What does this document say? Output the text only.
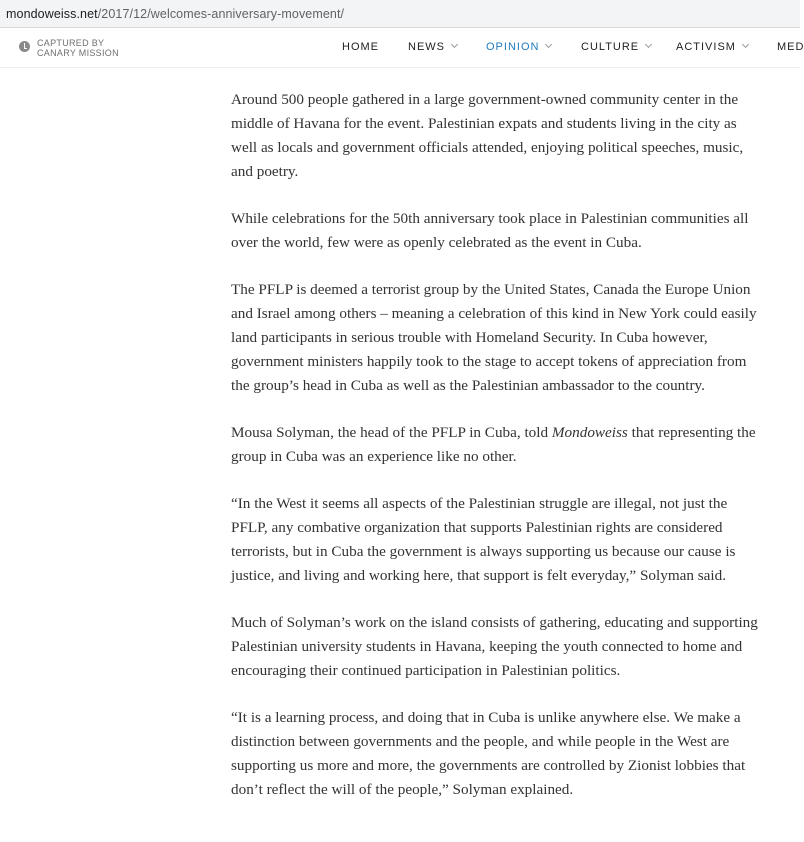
mondoweiss.net/2017/12/welcomes-anniversary-movement/
CAPTURED BY
CANARY MISSION	HOME	NEWS	OPINION	CULTURE	ACTIVISM	MED

Around 500 people gathered in a large government-owned community center in the middle of Havana for the event. Palestinian expats and students living in the city as well as locals and government officials attended, enjoying political speeches, music, and poetry.

While celebrations for the 50th anniversary took place in Palestinian communities all over the world, few were as openly celebrated as the event in Cuba.

The PFLP is deemed a terrorist group by the United States, Canada the Europe Union and Israel among others – meaning a celebration of this kind in New York could easily land participants in serious trouble with Homeland Security. In Cuba however, government ministers happily took to the stage to accept tokens of appreciation from the group’s head in Cuba as well as the Palestinian ambassador to the country.

Mousa Solyman, the head of the PFLP in Cuba, told Mondoweiss that representing the group in Cuba was an experience like no other.

“In the West it seems all aspects of the Palestinian struggle are illegal, not just the PFLP, any combative organization that supports Palestinian rights are considered terrorists, but in Cuba the government is always supporting us because our cause is justice, and living and working here, that support is felt everyday,” Solyman said.

Much of Solyman’s work on the island consists of gathering, educating and supporting Palestinian university students in Havana, keeping the youth connected to home and encouraging their continued participation in Palestinian politics.

“It is a learning process, and doing that in Cuba is unlike anywhere else. We make a distinction between governments and the people, and while people in the West are supporting us more and more, the governments are controlled by Zionist lobbies that don’t reflect the will of the people,” Solyman explained.
